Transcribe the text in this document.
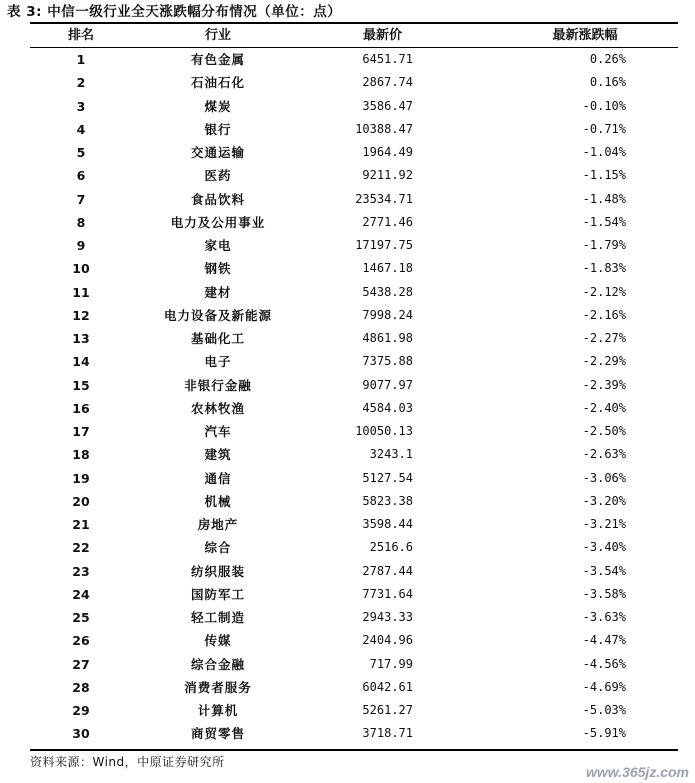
表 3: 中信一级行业全天涨跌幅分布情况（单位：点）
排名	行业	最新价	最新涨跌幅
1	有色金属	6451.71	0.26%
2	石油石化	2867.74	0.16%
3	煤炭	3586.47	-0.10%
4	银行	10388.47	-0.71%
5	交通运输	1964.49	-1.04%
6	医药	9211.92	-1.15%
7	食品饮料	23534.71	-1.48%
8	电力及公用事业	2771.46	-1.54%
9	家电	17197.75	-1.79%
10	钢铁	1467.18	-1.83%
11	建材	5438.28	-2.12%
12	电力设备及新能源	7998.24	-2.16%
13	基础化工	4861.98	-2.27%
14	电子	7375.88	-2.29%
15	非银行金融	9077.97	-2.39%
16	农林牧渔	4584.03	-2.40%
17	汽车	10050.13	-2.50%
18	建筑	3243.1	-2.63%
19	通信	5127.54	-3.06%
20	机械	5823.38	-3.20%
21	房地产	3598.44	-3.21%
22	综合	2516.6	-3.40%
23	纺织服装	2787.44	-3.54%
24	国防军工	7731.64	-3.58%
25	轻工制造	2943.33	-3.63%
26	传媒	2404.96	-4.47%
27	综合金融	717.99	-4.56%
28	消费者服务	6042.61	-4.69%
29	计算机	5261.27	-5.03%
30	商贸零售	3718.71	-5.91%
资料来源：Wind，中原证券研究所
www.365jz.com
